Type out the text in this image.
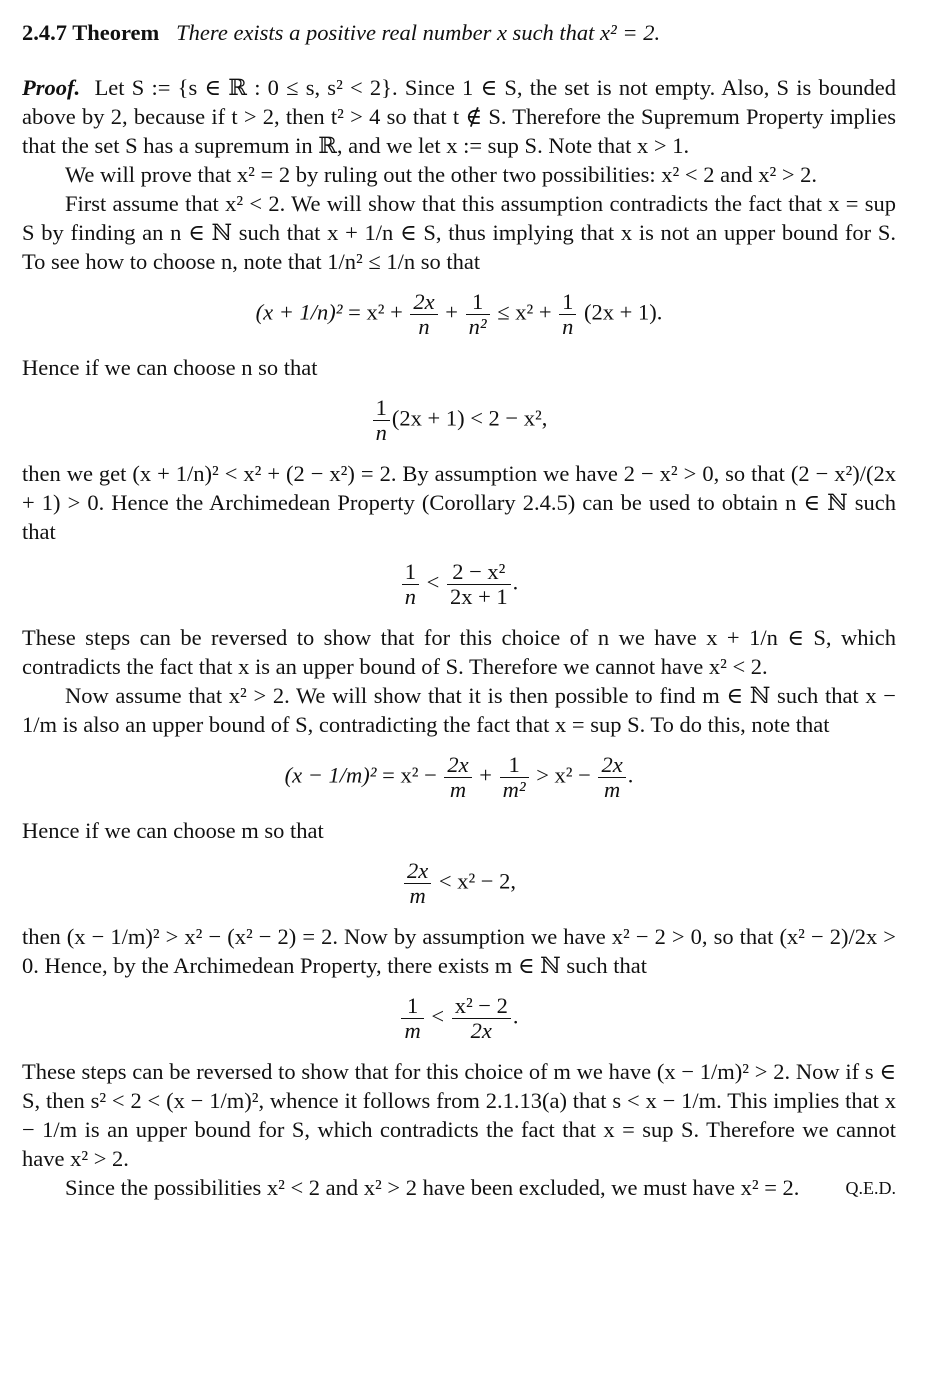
2.4.7 Theorem There exists a positive real number x such that x² = 2.

Proof. Let S := {s ∈ ℝ : 0 ≤ s, s² < 2}. Since 1 ∈ S, the set is not empty. Also, S is bounded above by 2, because if t > 2, then t² > 4 so that t ∉ S. Therefore the Supremum Property implies that the set S has a supremum in ℝ, and we let x := sup S. Note that x > 1.

We will prove that x² = 2 by ruling out the other two possibilities: x² < 2 and x² > 2.

First assume that x² < 2. We will show that this assumption contradicts the fact that x = sup S by finding an n ∈ ℕ such that x + 1/n ∈ S, thus implying that x is not an upper bound for S. To see how to choose n, note that 1/n² ≤ 1/n so that

$(x + 1/n)^2 = x^2 + \frac{2x}{n} + \frac{1}{\text{n²}} \le x^2 + \frac{1}{n} (2x + 1)$.

Hence if we can choose n so that

$\frac{1}{n} (2x + 1) < 2 - x^2$,

then we get (x + 1/n)² < x² + (2 − x²) = 2. By assumption we have 2 − x² > 0, so that (2 − x²)/(2x + 1) > 0. Hence the Archimedean Property (Corollary 2.4.5) can be used to obtain n ∈ ℕ such that

$\frac{1}{n} < \frac{\text{2 − x²}}{2x + 1}$ .

These steps can be reversed to show that for this choice of n we have x + 1/n ∈ S, which contradicts the fact that x is an upper bound of S. Therefore we cannot have x² < 2.

Now assume that x² > 2. We will show that it is then possible to find m ∈ ℕ such that x − 1/m is also an upper bound of S, contradicting the fact that x = sup S. To do this, note that

$(x - 1/m)^2 = x^2 - \frac{2x}{m} + \frac{1}{\text{m²}} > x^2 - \frac{2x}{m}$ .

Hence if we can choose m so that

$\frac{2x}{m} < x^2 - 2$,

then (x − 1/m)² > x² − (x² − 2) = 2. Now by assumption we have x² − 2 > 0, so that (x² − 2)/2x > 0. Hence, by the Archimedean Property, there exists m ∈ ℕ such that

$\frac{1}{m} < \frac{\text{x² − 2}}{2x}$ .

These steps can be reversed to show that for this choice of m we have (x − 1/m)² > 2. Now if s ∈ S, then s² < 2 < (x − 1/m)², whence it follows from 2.1.13(a) that s < x − 1/m. This implies that x − 1/m is an upper bound for S, which contradicts the fact that x = sup S. Therefore we cannot have x² > 2.

Since the possibilities x² < 2 and x² > 2 have been excluded, we must have x² = 2.	Q.E.D.
